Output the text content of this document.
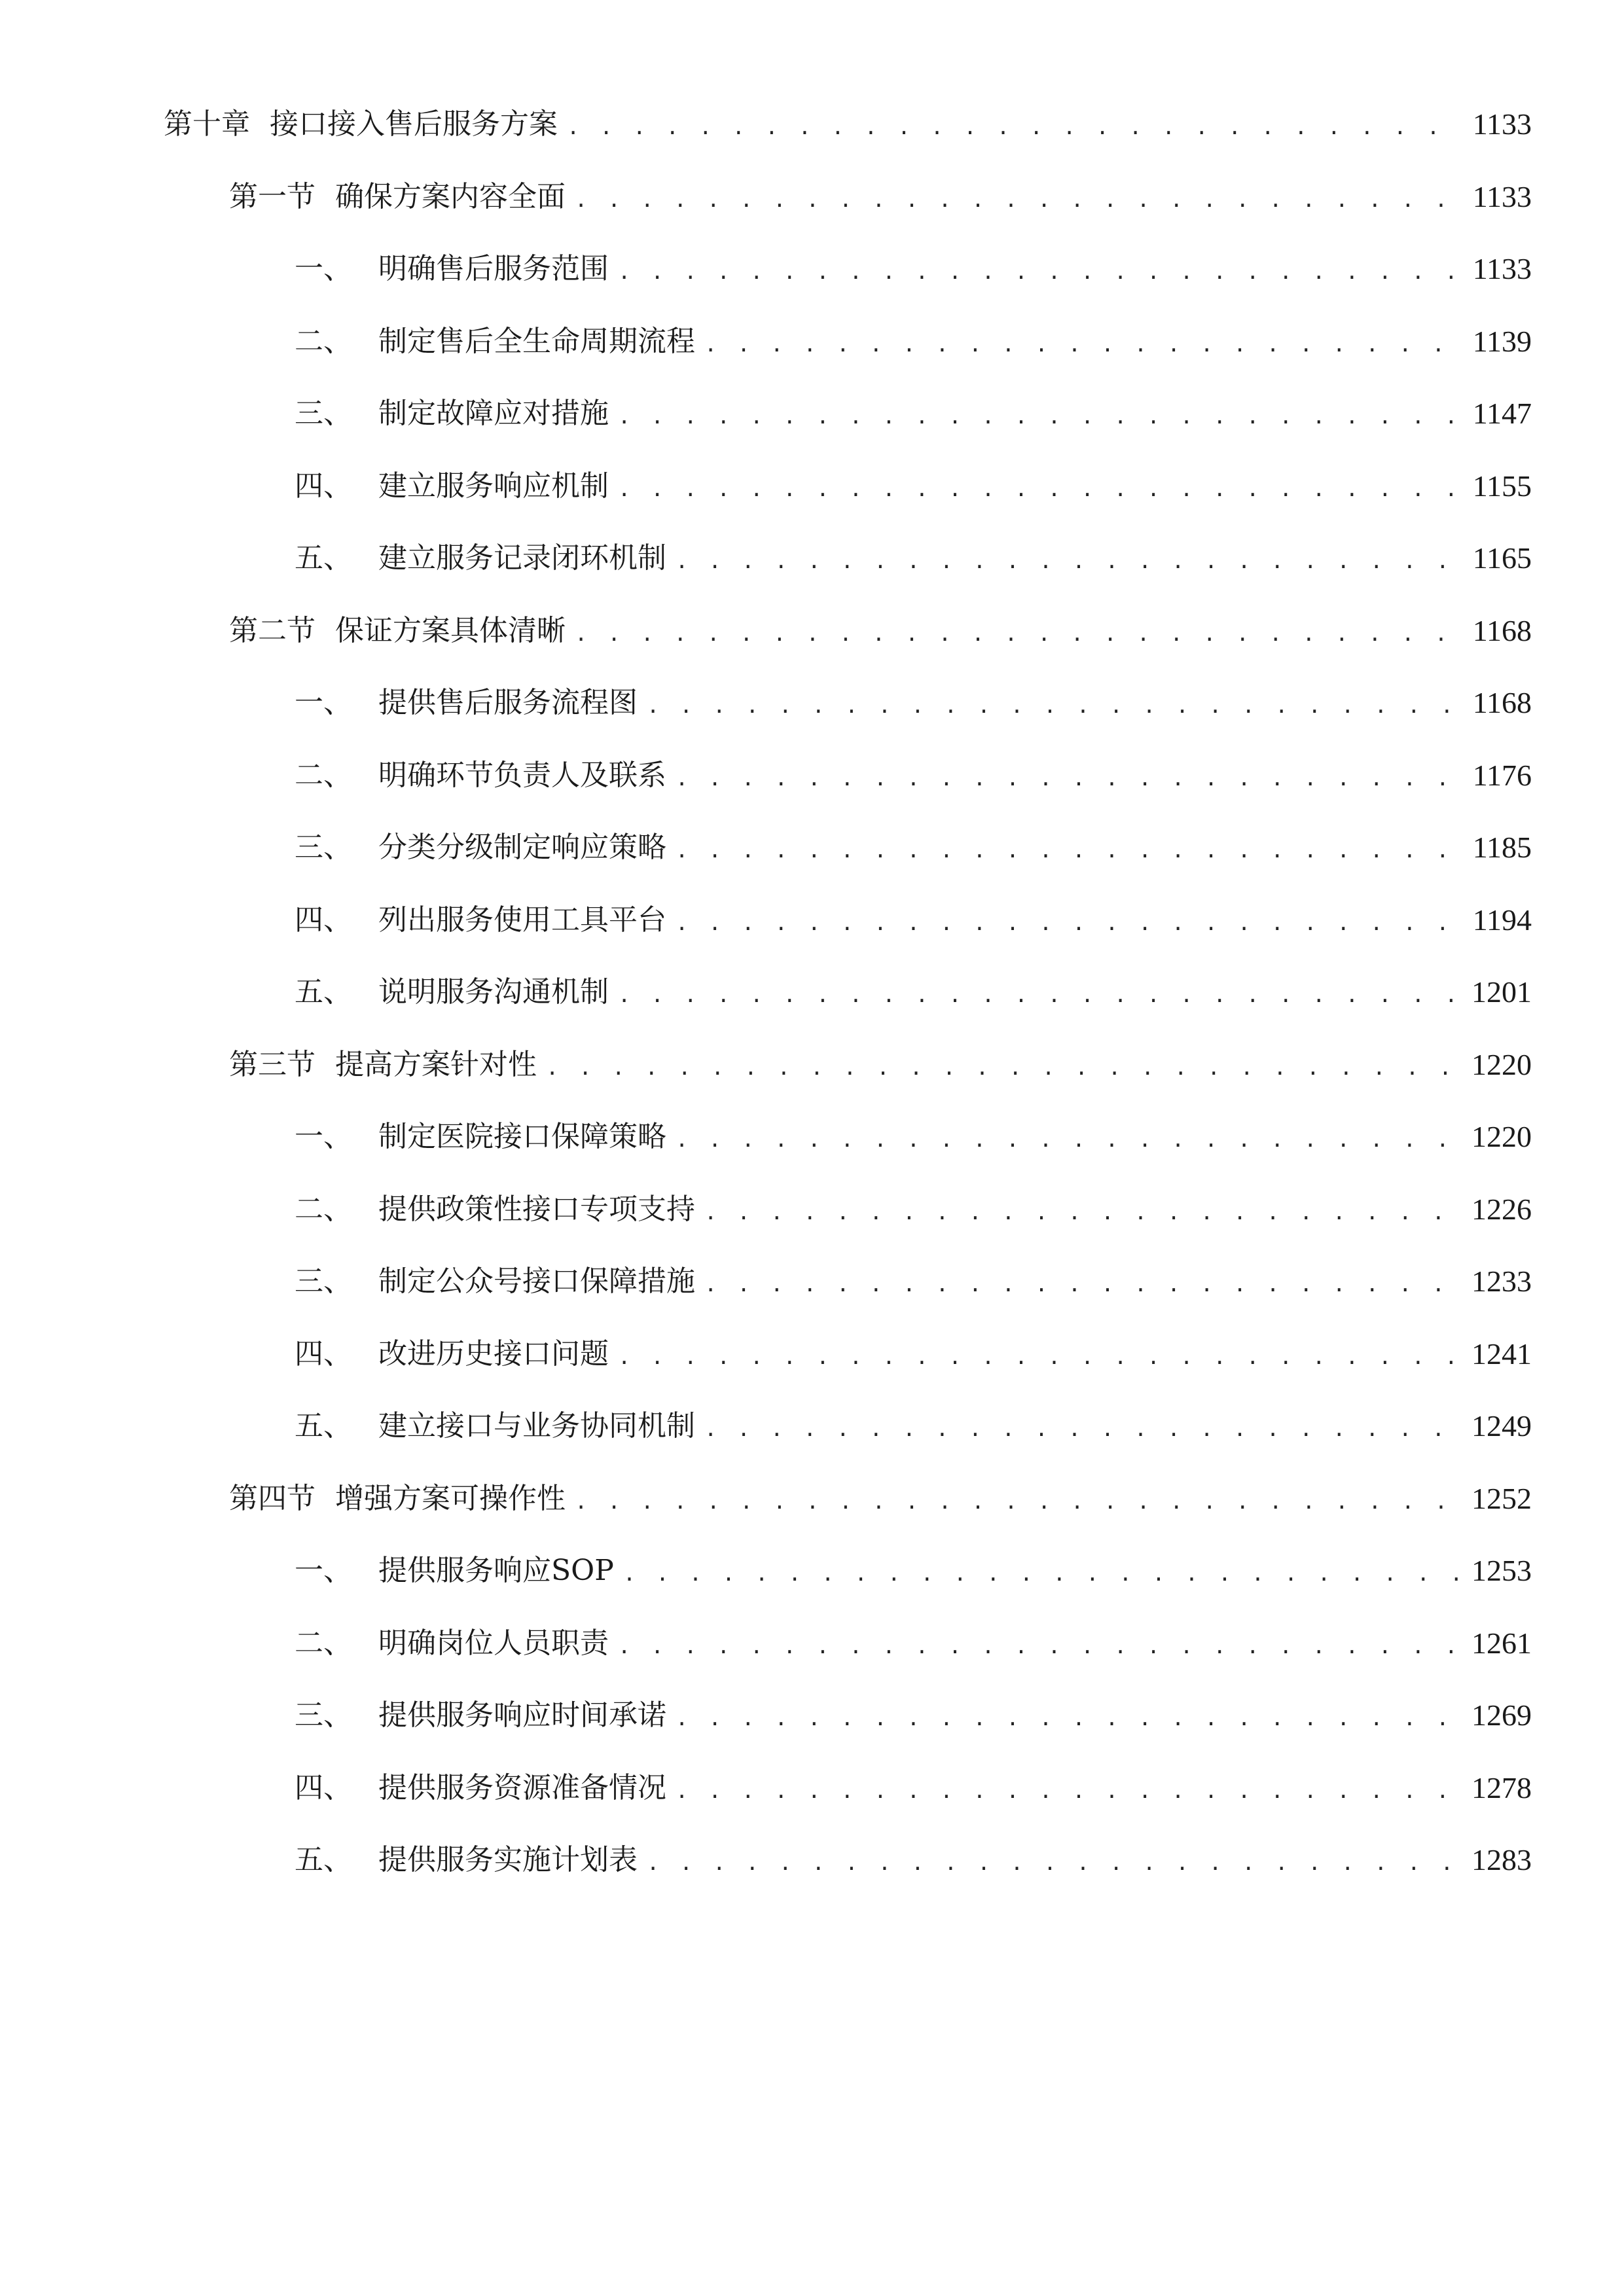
第十章 接口接入售后服务方案 . . .	1133
第一节 确保方案内容全面 . . .	1133
一、 明确售后服务范围 . . .	1133
二、 制定售后全生命周期流程 . . .	1139
三、 制定故障应对措施 . . .	1147
四、 建立服务响应机制 . . .	1155
五、 建立服务记录闭环机制 . . .	1165
第二节 保证方案具体清晰 . . .	1168
一、 提供售后服务流程图 . . .	1168
二、 明确环节负责人及联系 . . .	1176
三、 分类分级制定响应策略 . . .	1185
四、 列出服务使用工具平台 . . .	1194
五、 说明服务沟通机制 . . .	1201
第三节 提高方案针对性 . . .	1220
一、 制定医院接口保障策略 . . .	1220
二、 提供政策性接口专项支持 . . .	1226
三、 制定公众号接口保障措施 . . .	1233
四、 改进历史接口问题 . . .	1241
五、 建立接口与业务协同机制 . . .	1249
第四节 增强方案可操作性 . . .	1252
一、 提供服务响应SOP . . .	1253
二、 明确岗位人员职责 . . .	1261
三、 提供服务响应时间承诺 . . .	1269
四、 提供服务资源准备情况 . . .	1278
五、 提供服务实施计划表 . . .	1283
